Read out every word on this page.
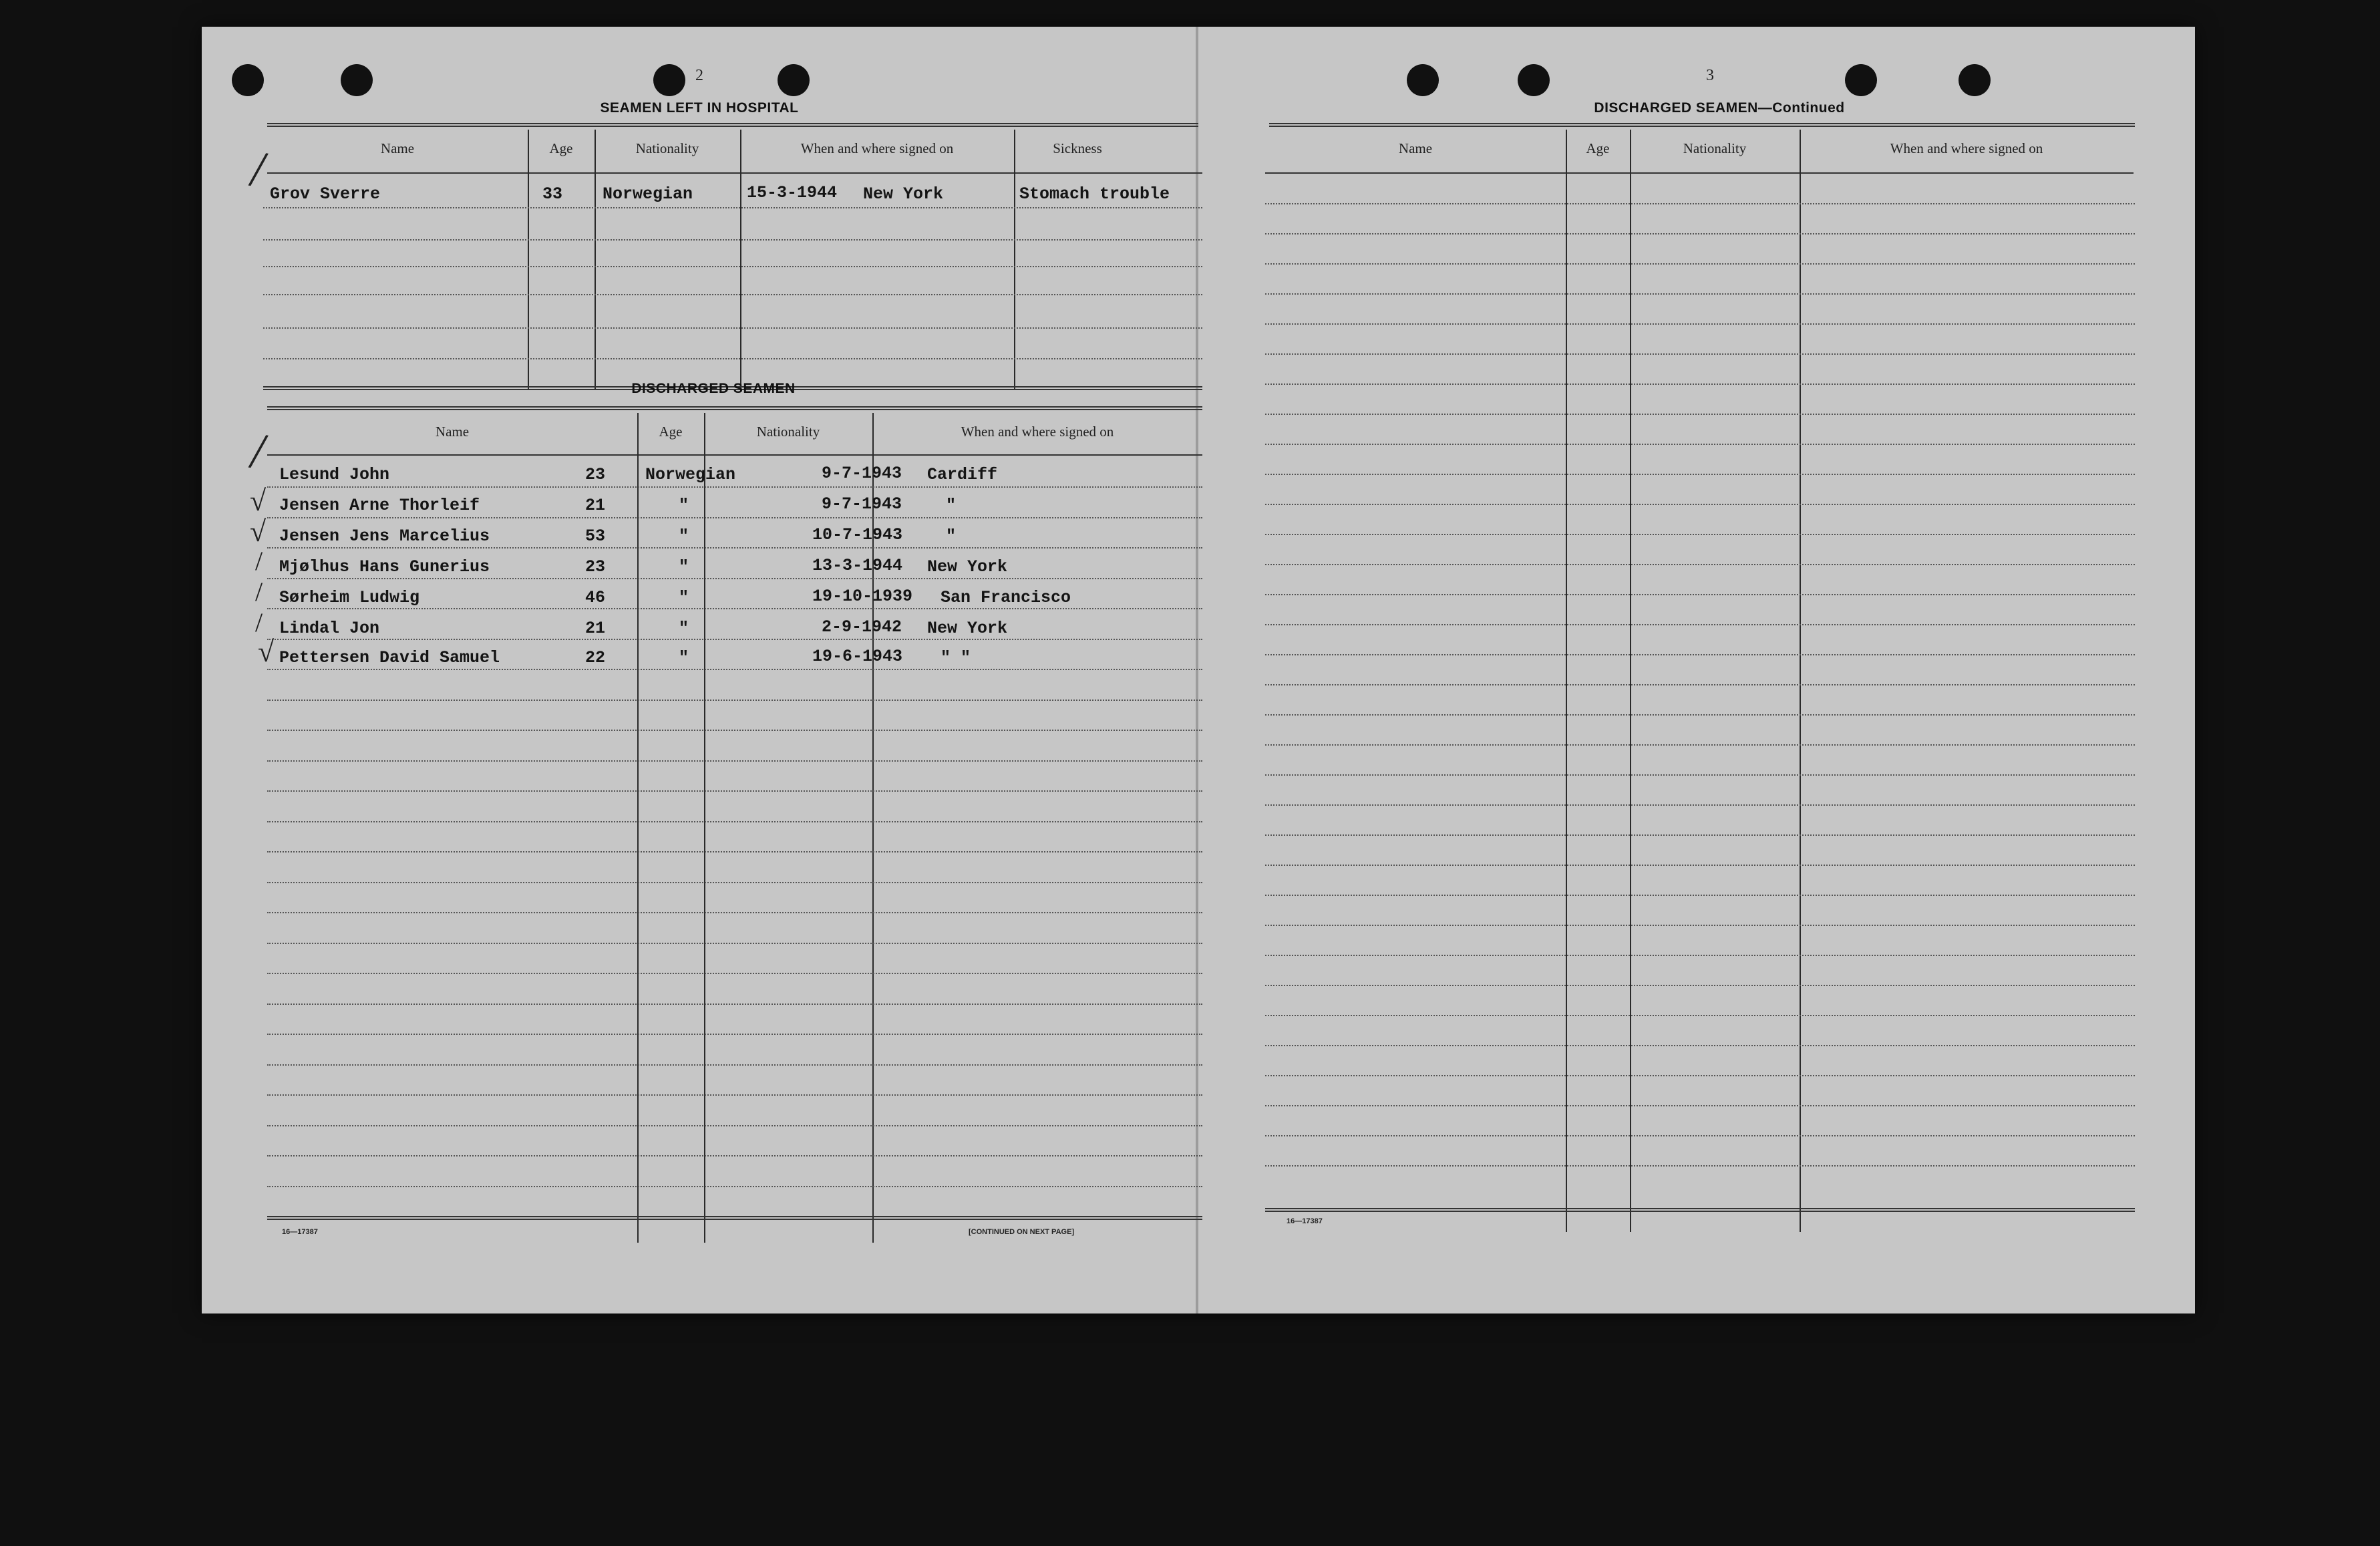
2
SEAMEN LEFT IN HOSPITAL
Name	Age	Nationality	When and where signed on	Sickness
/
Grov Sverre	33 Norwegian	15-3-1944 New York	Stomach trouble
DISCHARGED SEAMEN
Name	Age	Nationality	When and where signed on
/ Lesund John	23 Norwegian	9-7-1943 Cardiff
√ Jensen Arne Thorleif	21	"	9-7-1943	"
√ Jensen Jens Marcelius	53	"	10-7-1943	"
/ Mjølhus Hans Gunerius	23	"	13-3-1944 New York
/ Sørheim Ludwig	46	"	19-10-1939 San Francisco
/ Lindal Jon	21	"	2-9-1942 New York
√ Pettersen David Samuel	22	"	19-6-1943 " "
16—17387	[CONTINUED ON NEXT PAGE]
3
DISCHARGED SEAMEN—Continued
Name	Age	Nationality	When and where signed on
16—17387
